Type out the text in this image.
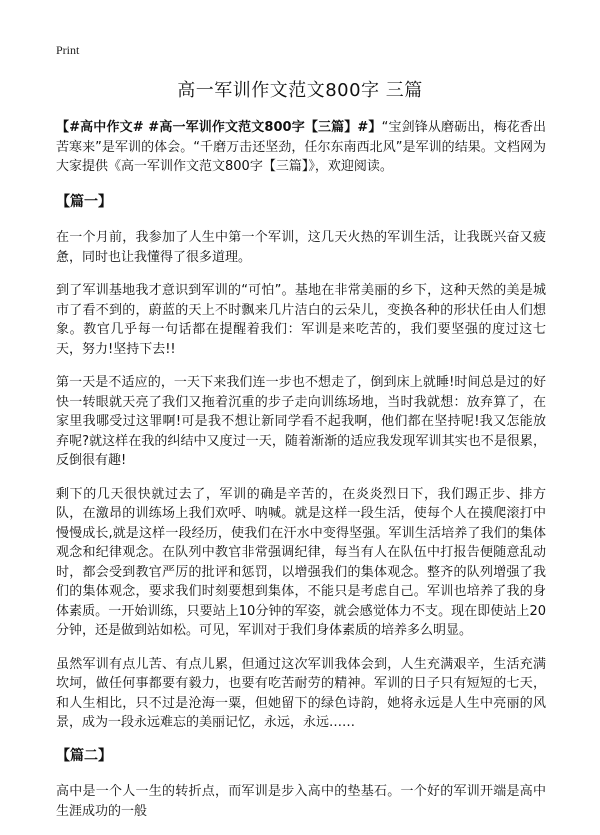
Print
高一军训作文范文800字 三篇

【#高中作文# #高一军训作文范文800字【三篇】#】“宝剑锋从磨砺出，梅花香出苦寒来”是军训的体会。“千磨万击还坚劲，任尔东南西北风”是军训的结果。文档网为大家提供《高一军训作文范文800字【三篇】》，欢迎阅读。

【篇一】

在一个月前，我参加了人生中第一个军训，这几天火热的军训生活，让我既兴奋又疲惫，同时也让我懂得了很多道理。

到了军训基地我才意识到军训的“可怕”。基地在非常美丽的乡下，这种天然的美是城市了看不到的，蔚蓝的天上不时飘来几片洁白的云朵儿，变换各种的形状任由人们想象。教官几乎每一句话都在提醒着我们：军训是来吃苦的，我们要坚强的度过这七天，努力!坚持下去!!

第一天是不适应的，一天下来我们连一步也不想走了，倒到床上就睡!时间总是过的好快一转眼就天亮了我们又拖着沉重的步子走向训练场地，当时我就想：放弃算了，在家里我哪受过这罪啊!可是我不想让新同学看不起我啊，他们都在坚持呢!我又怎能放弃呢?就这样在我的纠结中又度过一天，随着渐渐的适应我发现军训其实也不是很累，反倒很有趣!

剩下的几天很快就过去了，军训的确是辛苦的，在炎炎烈日下，我们踢正步、排方队，在激昂的训练场上我们欢呼、呐喊。就是这样一段生活，使每个人在摸爬滚打中慢慢成长,就是这样一段经历，使我们在汗水中变得坚强。军训生活培养了我们的集体观念和纪律观念。在队列中教官非常强调纪律，每当有人在队伍中打报告便随意乱动时，都会受到教官严厉的批评和惩罚，以增强我们的集体观念。整齐的队列增强了我们的集体观念，要求我们时刻要想到集体，不能只是考虑自己。军训也培养了我的身体素质。一开始训练，只要站上10分钟的军姿，就会感觉体力不支。现在即使站上20分钟，还是做到站如松。可见，军训对于我们身体素质的培养多么明显。

虽然军训有点儿苦、有点儿累，但通过这次军训我体会到，人生充满艰辛，生活充满坎坷，做任何事都要有毅力，也要有吃苦耐劳的精神。军训的日子只有短短的七天，和人生相比，只不过是沧海一粟，但她留下的绿色诗韵，她将永远是人生中亮丽的风景，成为一段永远难忘的美丽记忆，永远，永远……

【篇二】

高中是一个人一生的转折点，而军训是步入高中的垫基石。一个好的军训开端是高中生涯成功的一般
